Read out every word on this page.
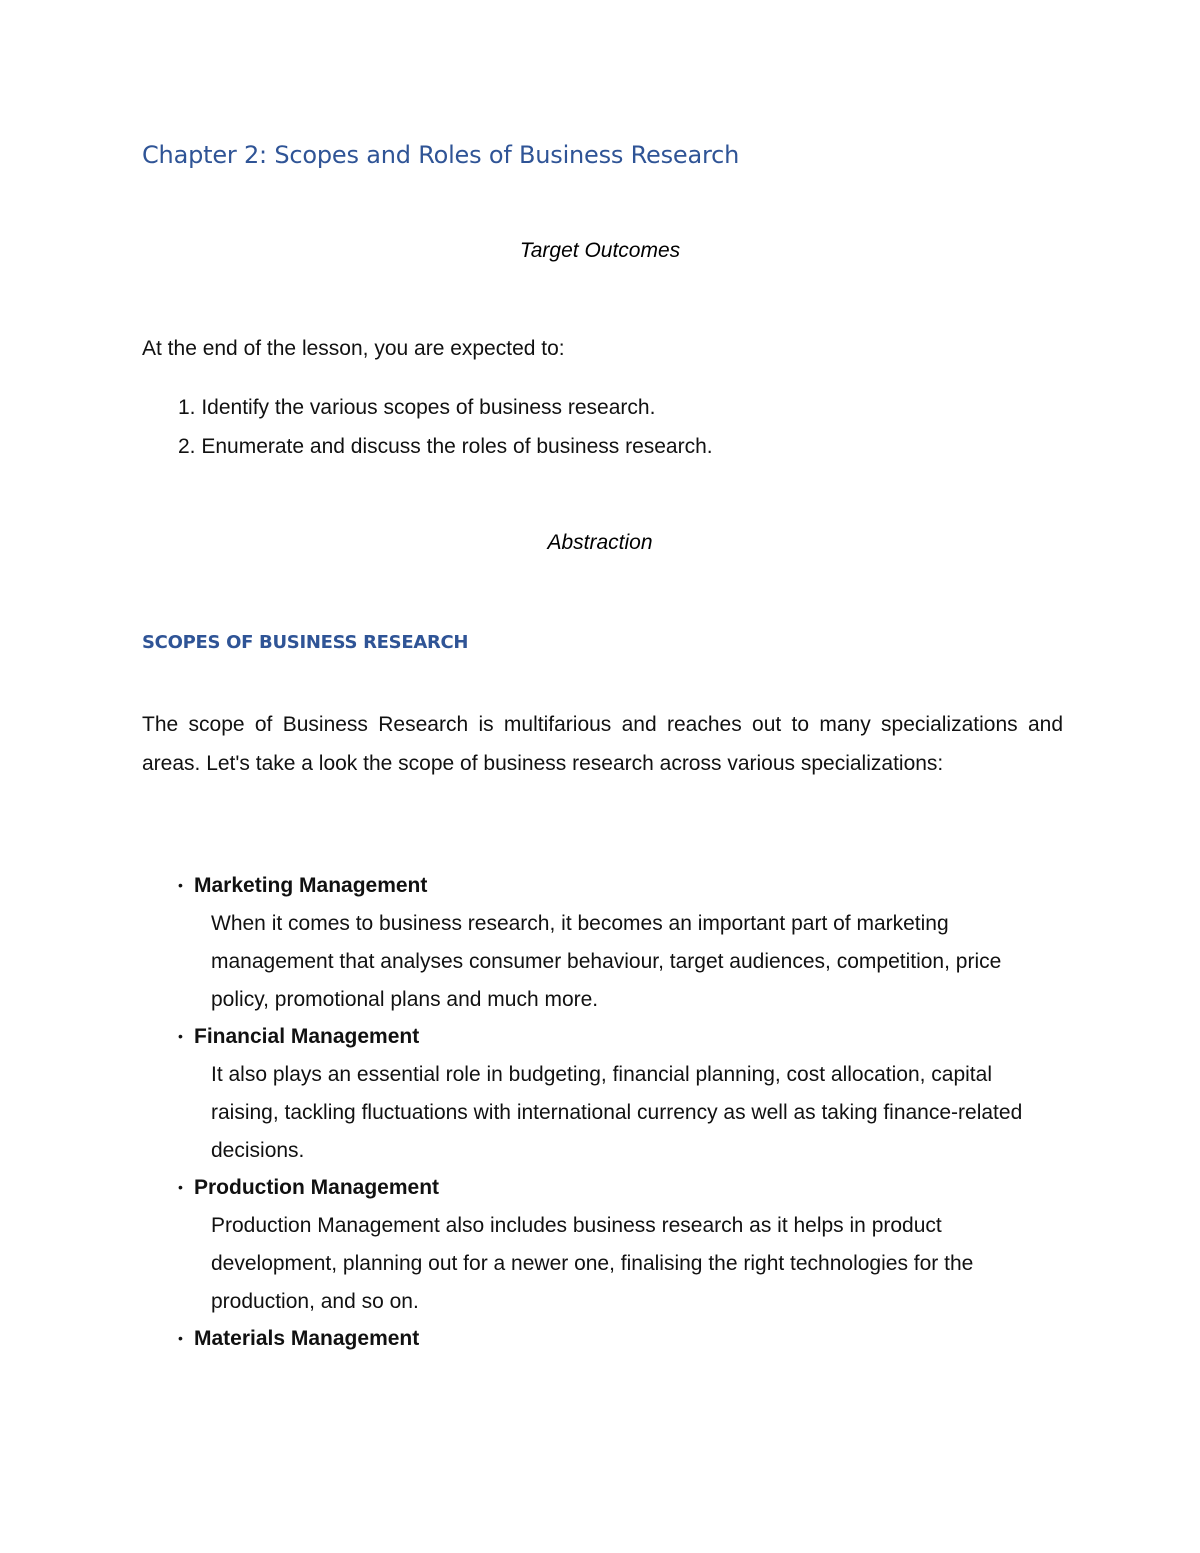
Chapter 2: Scopes and Roles of Business Research

Target Outcomes

At the end of the lesson, you are expected to:

1. Identify the various scopes of business research.
2. Enumerate and discuss the roles of business research.

Abstraction

SCOPES OF BUSINESS RESEARCH

The scope of Business Research is multifarious and reaches out to many specializations and areas. Let's take a look the scope of business research across various specializations:

• Marketing Management
When it comes to business research, it becomes an important part of marketing management that analyses consumer behaviour, target audiences, competition, price policy, promotional plans and much more.
• Financial Management
It also plays an essential role in budgeting, financial planning, cost allocation, capital raising, tackling fluctuations with international currency as well as taking finance-related decisions.
• Production Management
Production Management also includes business research as it helps in product development, planning out for a newer one, finalising the right technologies for the production, and so on.
• Materials Management
